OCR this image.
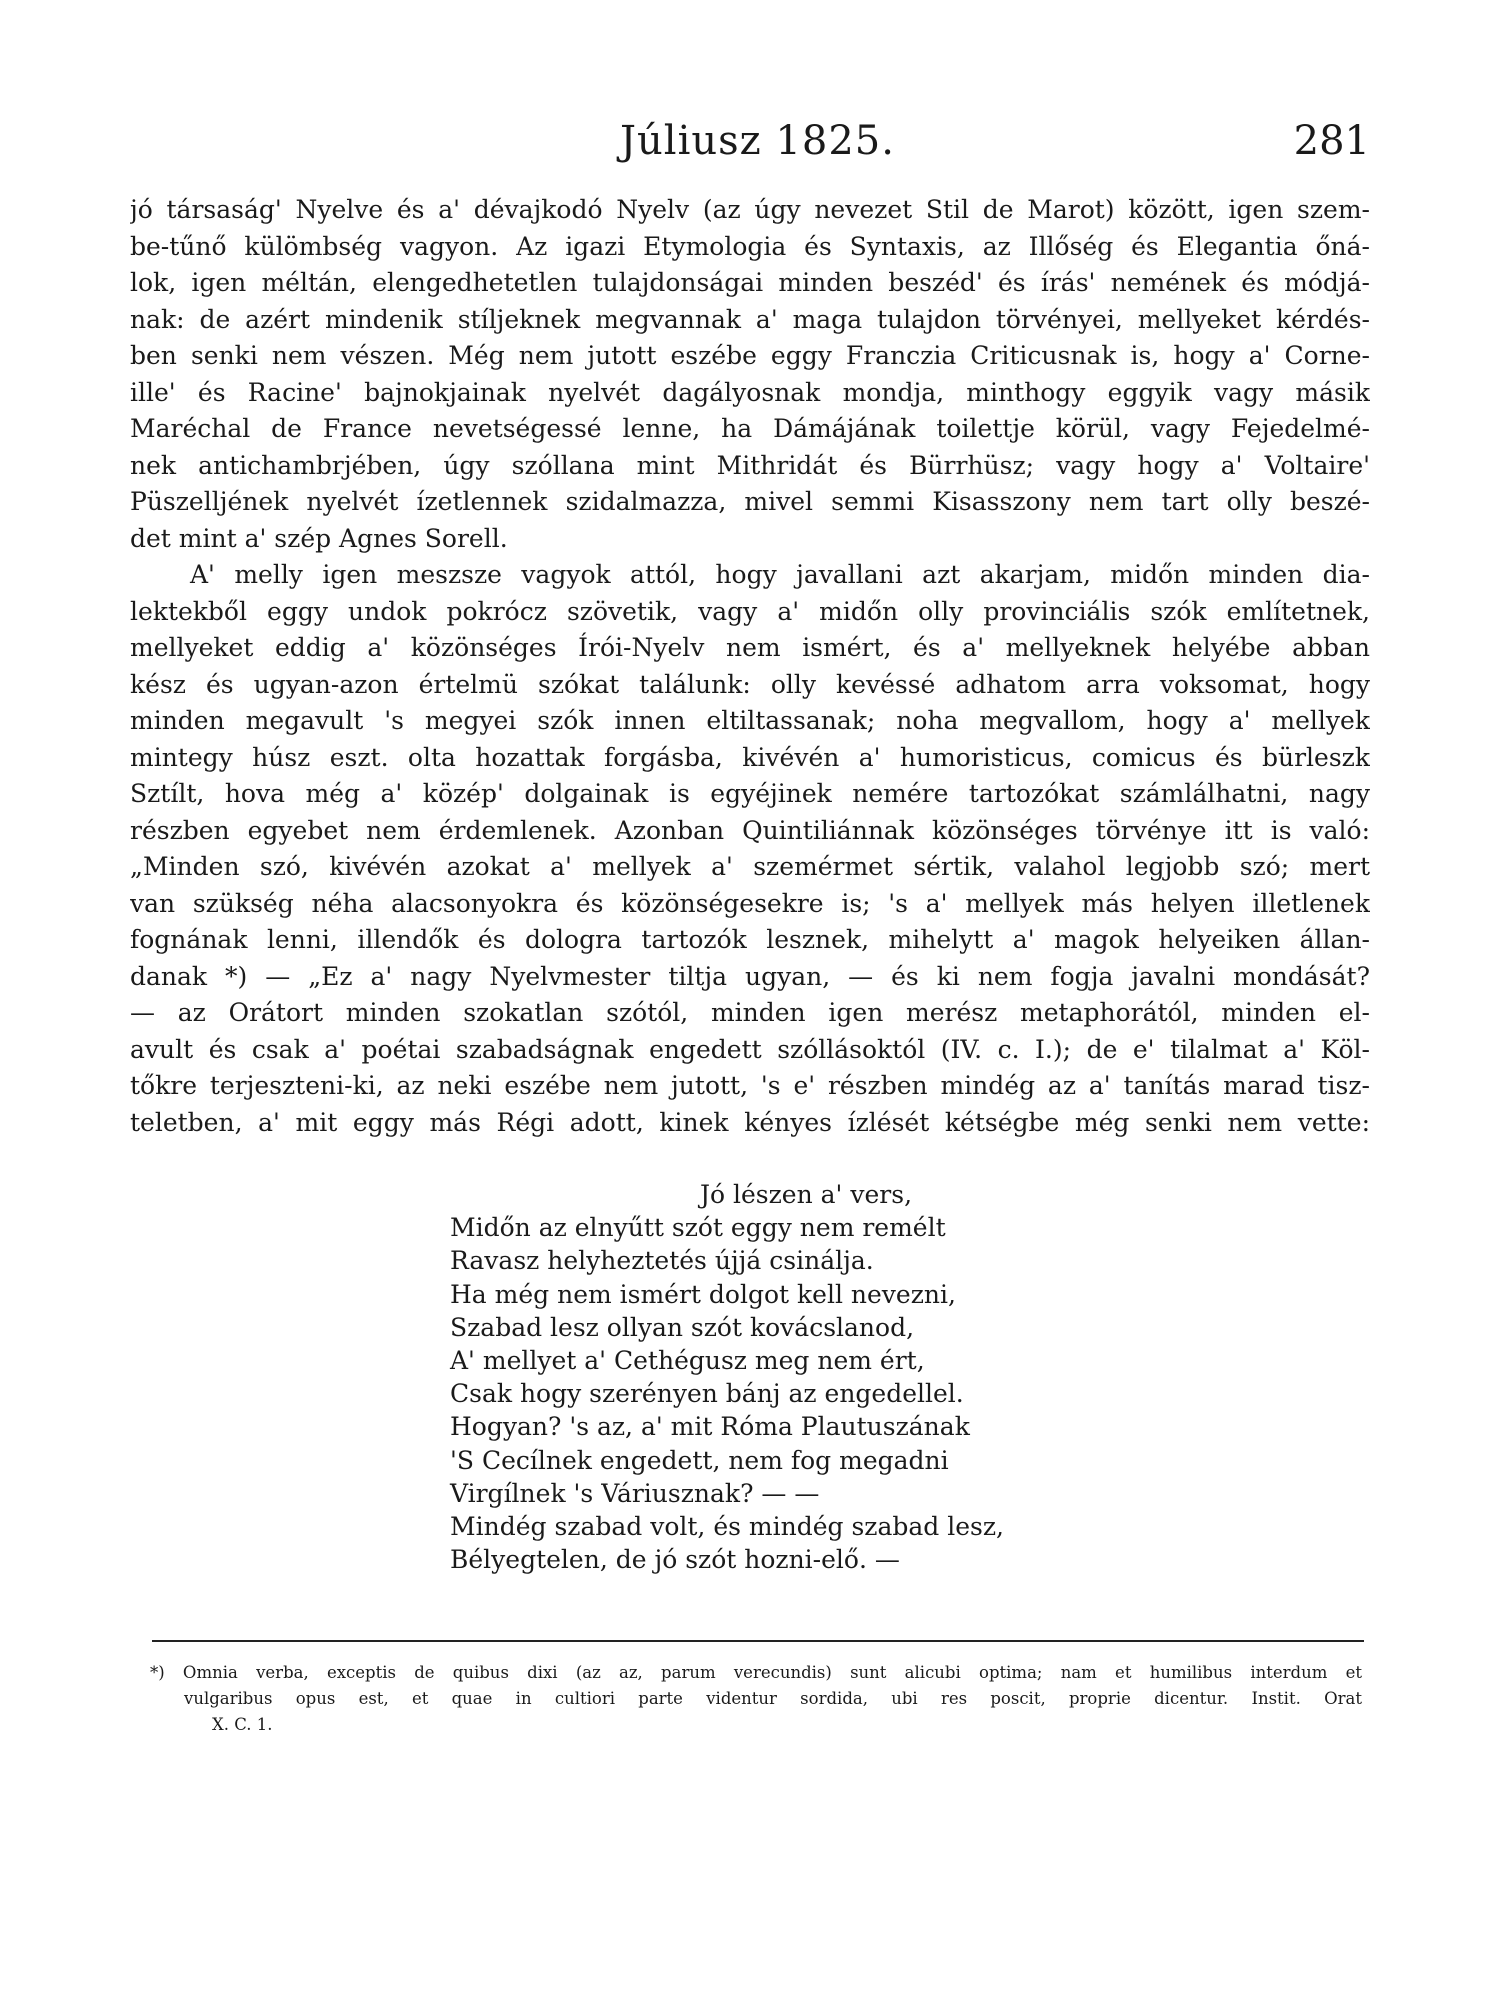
Júliusz 1825.	281
jó társaság' Nyelve és a' dévajkodó Nyelv (az úgy nevezet Stil de Marot) között, igen szem-
be-tűnő külömbség vagyon. Az igazi Etymologia és Syntaxis, az Illőség és Elegantia őná-
lok, igen méltán, elengedhetetlen tulajdonságai minden beszéd' és írás' nemének és módjá-
nak: de azért mindenik stíljeknek megvannak a' maga tulajdon törvényei, mellyeket kérdés-
ben senki nem vészen. Még nem jutott eszébe eggy Franczia Criticusnak is, hogy a' Corne-
ille' és Racine' bajnokjainak nyelvét dagályosnak mondja, minthogy eggyik vagy másik
Maréchal de France nevetségessé lenne, ha Dámájának toilettje körül, vagy Fejedelmé-
nek antichambrjében, úgy szóllana mint Mithridát és Bürrhüsz; vagy hogy a' Voltaire'
Püszelljének nyelvét ízetlennek szidalmazza, mivel semmi Kisasszony nem tart olly beszé-
det mint a' szép Agnes Sorell.
A' melly igen meszsze vagyok attól, hogy javallani azt akarjam, midőn minden dia-
lektekből eggy undok pokrócz szövetik, vagy a' midőn olly provinciális szók említetnek,
mellyeket eddig a' közönséges Írói-Nyelv nem ismért, és a' mellyeknek helyébe abban
kész és ugyan-azon értelmü szókat találunk: olly kevéssé adhatom arra voksomat, hogy
minden megavult 's megyei szók innen eltiltassanak; noha megvallom, hogy a' mellyek
mintegy húsz eszt. olta hozattak forgásba, kivévén a' humoristicus, comicus és bürleszk
Sztílt, hova még a' közép' dolgainak is egyéjinek nemére tartozókat számlálhatni, nagy
részben egyebet nem érdemlenek. Azonban Quintiliánnak közönséges törvénye itt is való:
„Minden szó, kivévén azokat a' mellyek a' szemérmet sértik, valahol legjobb szó; mert
van szükség néha alacsonyokra és közönségesekre is; 's a' mellyek más helyen illetlenek
fognának lenni, illendők és dologra tartozók lesznek, mihelytt a' magok helyeiken állan-
danak *) — „Ez a' nagy Nyelvmester tiltja ugyan, — és ki nem fogja javalni mondását?
— az Orátort minden szokatlan szótól, minden igen merész metaphorától, minden el-
avult és csak a' poétai szabadságnak engedett szóllásoktól (IV. c. I.); de e' tilalmat a' Köl-
tőkre terjeszteni-ki, az neki eszébe nem jutott, 's e' részben mindég az a' tanítás marad tisz-
teletben, a' mit eggy más Régi adott, kinek kényes ízlését kétségbe még senki nem vette:
Jó lészen a' vers,
Midőn az elnyűtt szót eggy nem remélt
Ravasz helyheztetés újjá csinálja.
Ha még nem ismért dolgot kell nevezni,
Szabad lesz ollyan szót kovácslanod,
A' mellyet a' Cethégusz meg nem ért,
Csak hogy szerényen bánj az engedellel.
Hogyan? 's az, a' mit Róma Plautuszának
'S Cecílnek engedett, nem fog megadni
Virgílnek 's Váriusznak? — —
Mindég szabad volt, és mindég szabad lesz,
Bélyegtelen, de jó szót hozni-elő. —
*) Omnia verba, exceptis de quibus dixi (az az, parum verecundis) sunt alicubi optima; nam et humilibus interdum et
vulgaribus opus est, et quae in cultiori parte videntur sordida, ubi res poscit, proprie dicentur. Instit. Orat
X. C. 1.
